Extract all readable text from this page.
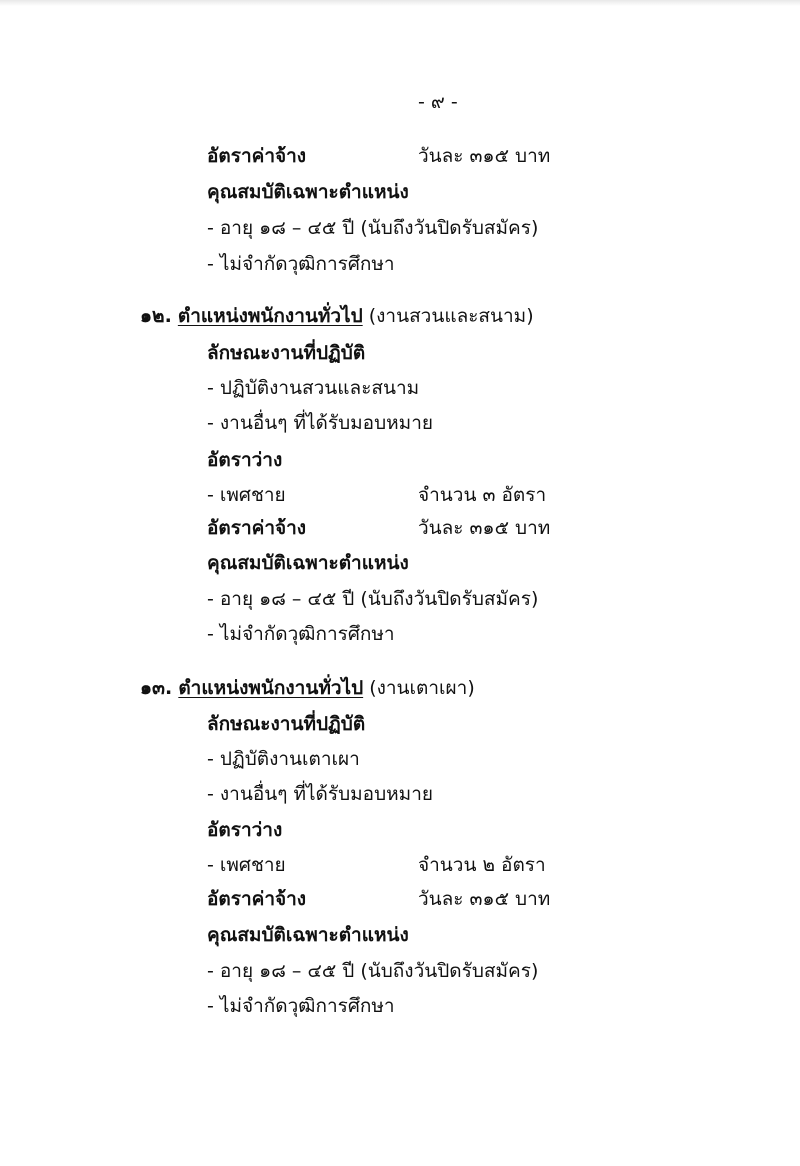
- ๙ -
อัตราค่าจ้าง	วันละ ๓๑๕ บาท
คุณสมบัติเฉพาะตำแหน่ง
- อายุ ๑๘ – ๔๕ ปี (นับถึงวันปิดรับสมัคร)
- ไม่จำกัดวุฒิการศึกษา
๑๒. ตำแหน่งพนักงานทั่วไป (งานสวนและสนาม)
ลักษณะงานที่ปฏิบัติ
- ปฏิบัติงานสวนและสนาม
- งานอื่นๆ ที่ได้รับมอบหมาย
อัตราว่าง
- เพศชาย	จำนวน ๓ อัตรา
อัตราค่าจ้าง	วันละ ๓๑๕ บาท
คุณสมบัติเฉพาะตำแหน่ง
- อายุ ๑๘ – ๔๕ ปี (นับถึงวันปิดรับสมัคร)
- ไม่จำกัดวุฒิการศึกษา
๑๓. ตำแหน่งพนักงานทั่วไป (งานเตาเผา)
ลักษณะงานที่ปฏิบัติ
- ปฏิบัติงานเตาเผา
- งานอื่นๆ ที่ได้รับมอบหมาย
อัตราว่าง
- เพศชาย	จำนวน ๒ อัตรา
อัตราค่าจ้าง	วันละ ๓๑๕ บาท
คุณสมบัติเฉพาะตำแหน่ง
- อายุ ๑๘ – ๔๕ ปี (นับถึงวันปิดรับสมัคร)
- ไม่จำกัดวุฒิการศึกษา
